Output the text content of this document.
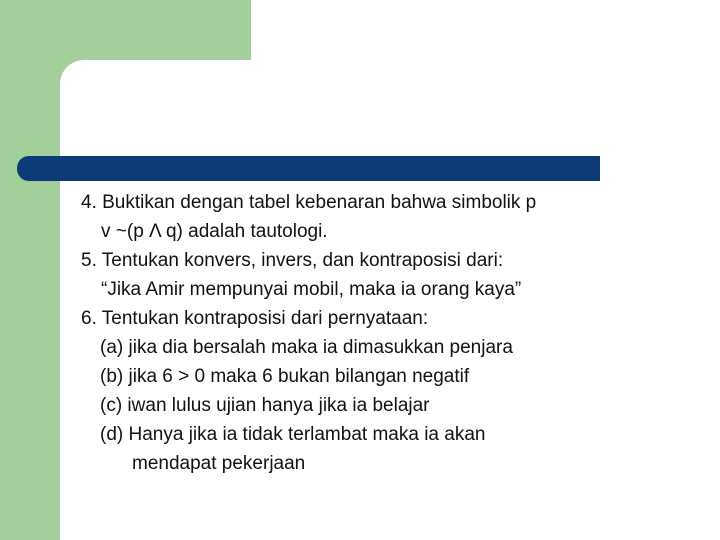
4. Buktikan dengan tabel kebenaran bahwa simbolik p
v ~(p Λ q) adalah tautologi.
5. Tentukan konvers, invers, dan kontraposisi dari:
“Jika Amir mempunyai mobil, maka ia orang kaya”
6. Tentukan kontraposisi dari pernyataan:
(a) jika dia bersalah maka ia dimasukkan penjara
(b) jika 6 > 0 maka 6 bukan bilangan negatif
(c) iwan lulus ujian hanya jika ia belajar
(d) Hanya jika ia tidak terlambat maka ia akan
mendapat pekerjaan
